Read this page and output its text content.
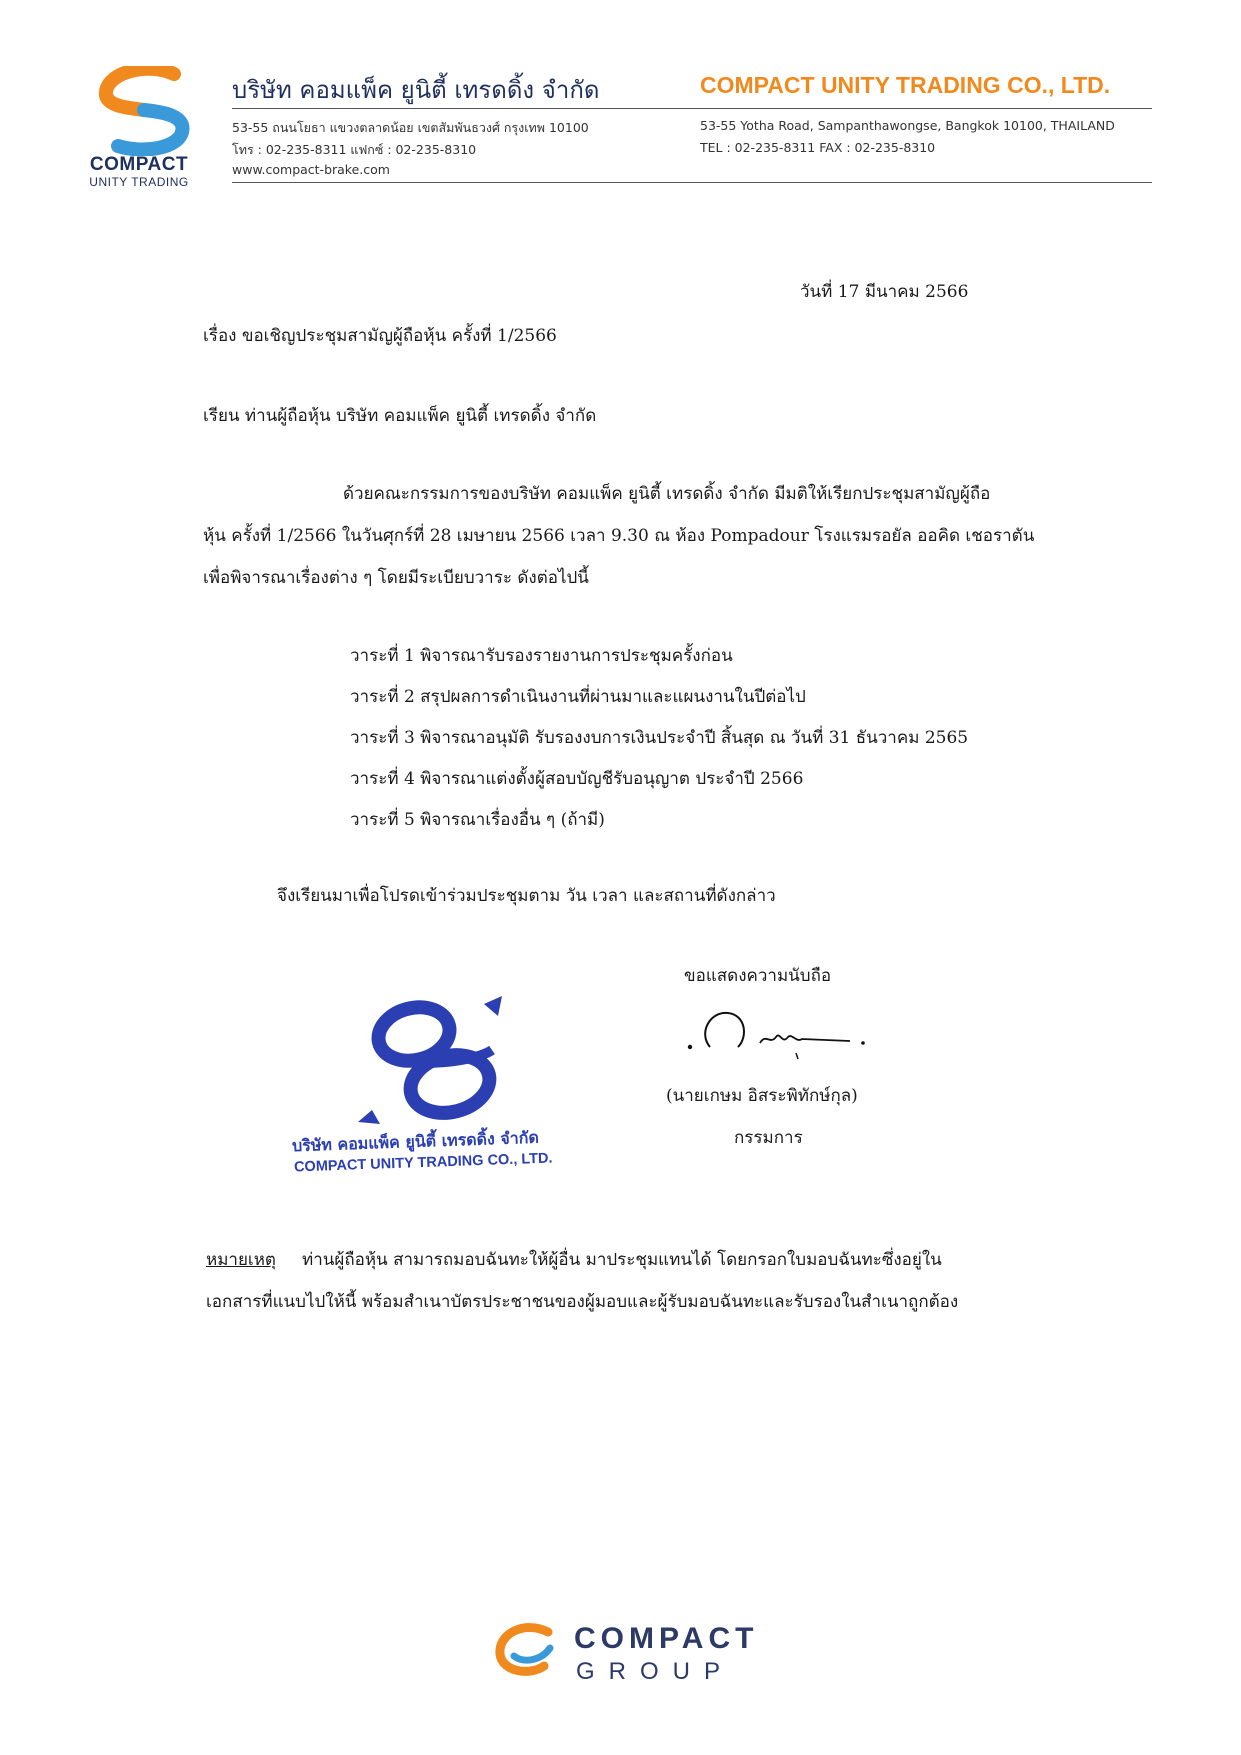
COMPACT
UNITY TRADING
บริษัท คอมแพ็ค ยูนิตี้ เทรดดิ้ง จำกัด	COMPACT UNITY TRADING CO., LTD.
53-55 ถนนโยธา แขวงตลาดน้อย เขตสัมพันธวงศ์ กรุงเทพ 10100
โทร : 02-235-8311 แฟกซ์ : 02-235-8310
www.compact-brake.com
53-55 Yotha Road, Sampanthawongse, Bangkok 10100, THAILAND
TEL : 02-235-8311 FAX : 02-235-8310
วันที่ 17 มีนาคม 2566
เรื่อง ขอเชิญประชุมสามัญผู้ถือหุ้น ครั้งที่ 1/2566
เรียน ท่านผู้ถือหุ้น บริษัท คอมแพ็ค ยูนิตี้ เทรดดิ้ง จำกัด
ด้วยคณะกรรมการของบริษัท คอมแพ็ค ยูนิตี้ เทรดดิ้ง จำกัด มีมติให้เรียกประชุมสามัญผู้ถือ
หุ้น ครั้งที่ 1/2566 ในวันศุกร์ที่ 28 เมษายน 2566 เวลา 9.30 ณ ห้อง Pompadour โรงแรมรอยัล ออคิด เชอราตัน
เพื่อพิจารณาเรื่องต่าง ๆ โดยมีระเบียบวาระ ดังต่อไปนี้
วาระที่ 1 พิจารณารับรองรายงานการประชุมครั้งก่อน
วาระที่ 2 สรุปผลการดำเนินงานที่ผ่านมาและแผนงานในปีต่อไป
วาระที่ 3 พิจารณาอนุมัติ รับรองงบการเงินประจำปี สิ้นสุด ณ วันที่ 31 ธันวาคม 2565
วาระที่ 4 พิจารณาแต่งตั้งผู้สอบบัญชีรับอนุญาต ประจำปี 2566
วาระที่ 5 พิจารณาเรื่องอื่น ๆ (ถ้ามี)
จึงเรียนมาเพื่อโปรดเข้าร่วมประชุมตาม วัน เวลา และสถานที่ดังกล่าว
ขอแสดงความนับถือ
(นายเกษม อิสระพิทักษ์กุล)
กรรมการ
บริษัท คอมแพ็ค ยูนิตี้ เทรดดิ้ง จำกัด
COMPACT UNITY TRADING CO., LTD.
หมายเหตุ ท่านผู้ถือหุ้น สามารถมอบฉันทะให้ผู้อื่น มาประชุมแทนได้ โดยกรอกใบมอบฉันทะซึ่งอยู่ใน
เอกสารที่แนบไปให้นี้ พร้อมสำเนาบัตรประชาชนของผู้มอบและผู้รับมอบฉันทะและรับรองในสำเนาถูกต้อง
COMPACT
GROUP
